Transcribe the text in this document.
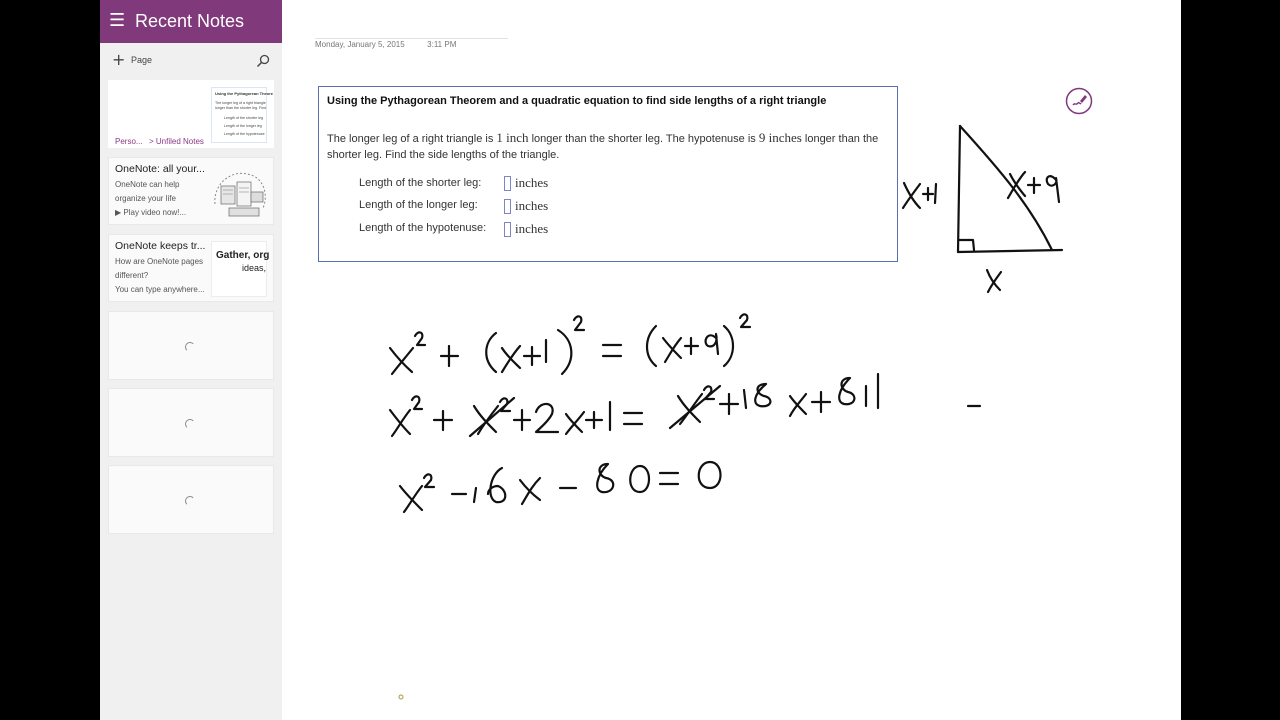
☰ Recent Notes
+ Page
Using the Pythagorean Theore
The longer leg of a right triangle
longer than the shorter leg. Find
Length of the shorter leg
Length of the longer leg
Length of the hypotenuse
Perso... > Unfiled Notes
OneNote: all your...
OneNote can help
organize your life
▶ Play video now!...
OneNote keeps tr...
How are OneNote pages
different?
You can type anywhere...
Gather, org
ideas,
Monday, January 5, 2015	3:11 PM
Using the Pythagorean Theorem and a quadratic equation to find side lengths of a right triangle
The longer leg of a right triangle is 1 inch longer than the shorter leg. The hypotenuse is 9 inches longer than the shorter leg. Find the side lengths of the triangle.
Length of the shorter leg:	inches
Length of the longer leg:	inches
Length of the hypotenuse: inches
